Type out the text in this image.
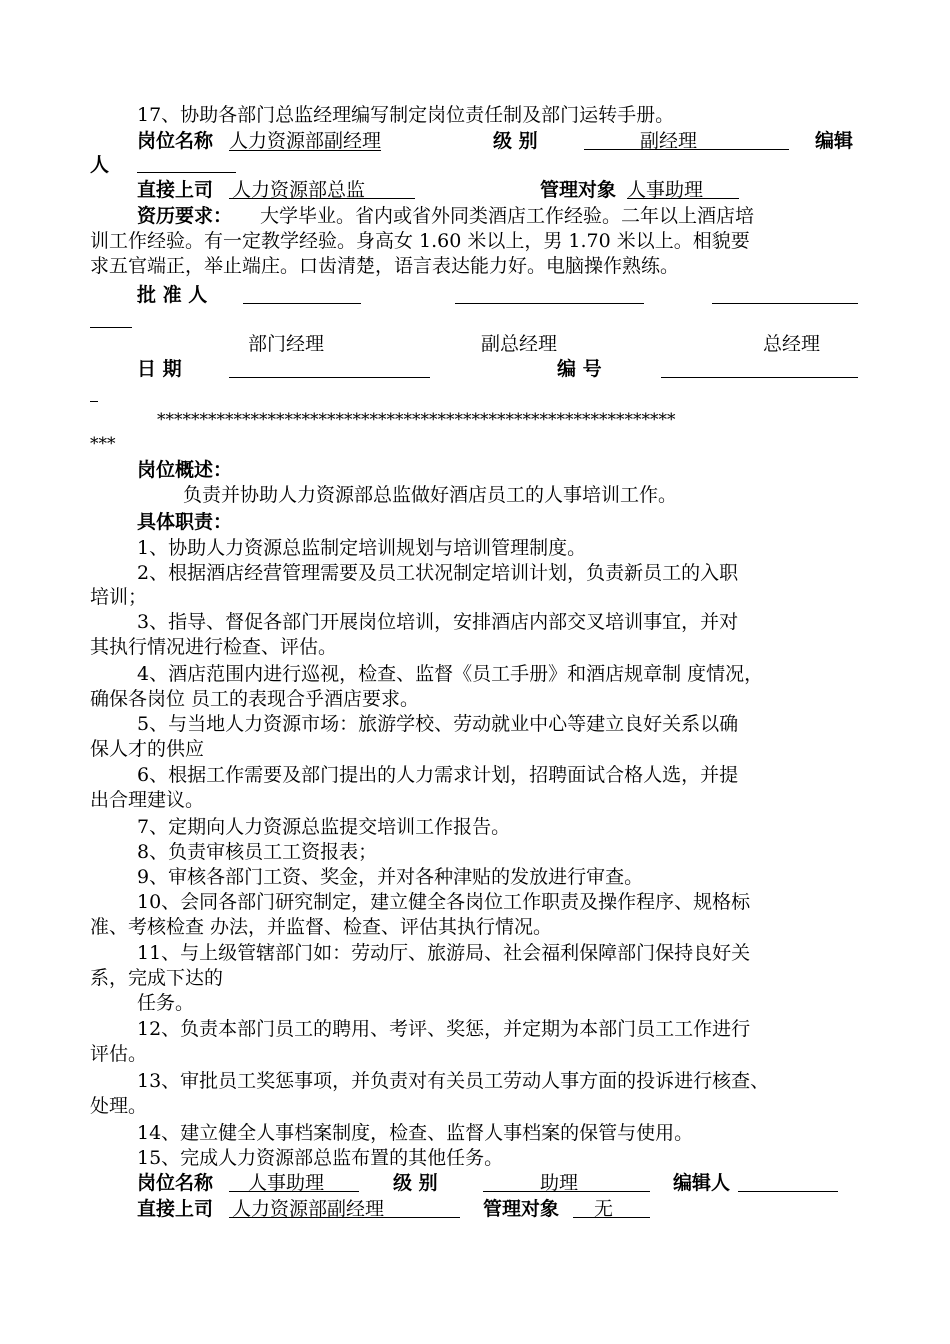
17、协助各部门总监经理编写制定岗位责任制及部门运转手册。
岗位名称 人力资源部副经理	级 别	副经理	编辑
人
直接上司 人力资源部总监	管理对象 人事助理
资历要求： 大学毕业。省内或省外同类酒店工作经验。二年以上酒店培
训工作经验。有一定教学经验。身高女 1.60 米以上，男 1.70 米以上。相貌要
求五官端正，举止端庄。口齿清楚，语言表达能力好。电脑操作熟练。
批 准 人
部门经理	副总经理	总经理
日 期	编 号
*************************************************************
***
岗位概述：
负责并协助人力资源部总监做好酒店员工的人事培训工作。
具体职责：
1、协助人力资源总监制定培训规划与培训管理制度。
2、根据酒店经营管理需要及员工状况制定培训计划，负责新员工的入职
培训；
3、指导、督促各部门开展岗位培训，安排酒店内部交叉培训事宜，并对
其执行情况进行检查、评估。
4、酒店范围内进行巡视，检查、监督《员工手册》和酒店规章制 度情况，
确保各岗位 员工的表现合乎酒店要求。
5、与当地人力资源市场：旅游学校、劳动就业中心等建立良好关系以确
保人才的供应
6、根据工作需要及部门提出的人力需求计划，招聘面试合格人选，并提
出合理建议。
7、定期向人力资源总监提交培训工作报告。
8、负责审核员工工资报表；
9、审核各部门工资、奖金，并对各种津贴的发放进行审查。
10、会同各部门研究制定，建立健全各岗位工作职责及操作程序、规格标
准、考核检查 办法，并监督、检查、评估其执行情况。
11、与上级管辖部门如：劳动厅、旅游局、社会福利保障部门保持良好关
系，完成下达的
任务。
12、负责本部门员工的聘用、考评、奖惩，并定期为本部门员工工作进行
评估。
13、审批员工奖惩事项，并负责对有关员工劳动人事方面的投诉进行核查、
处理。
14、建立健全人事档案制度，检查、监督人事档案的保管与使用。
15、完成人力资源部总监布置的其他任务。
岗位名称 人事助理	级 别	助理	编辑人
直接上司 人力资源部副经理	管理对象 无
